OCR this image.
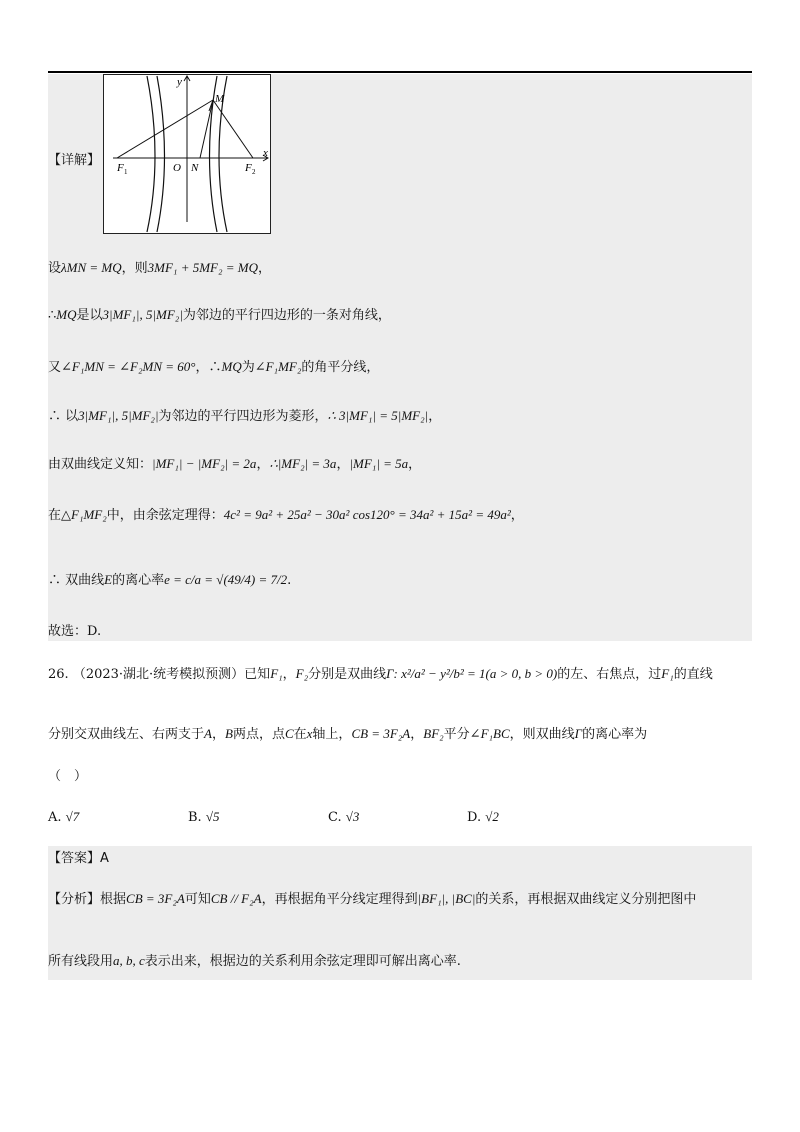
【详解】
设λMN = MQ，则3MF₁ + 5MF₂ = MQ，
∴MQ是以3|MF₁|, 5|MF₂|为邻边的平行四边形的一条对角线，
又∠F₁MN = ∠F₂MN = 60°，∴MQ为∠F₁MF₂的角平分线，
∴ 以3|MF₁|, 5|MF₂|为邻边的平行四边形为菱形，∴ 3|MF₁| = 5|MF₂|，
由双曲线定义知：|MF₁| − |MF₂| = 2a，∴|MF₂| = 3a，|MF₁| = 5a，
在△F₁MF₂中，由余弦定理得：4c² = 9a² + 25a² − 30a² cos120° = 34a² + 15a² = 49a²，
∴ 双曲线E的离心率e = c/a = √(49/4) = 7/2.
故选：D.
y
M
F 1	O N	F 2
x
26. （2023·湖北·统考模拟预测）已知F₁，F₂分别是双曲线Γ: x²/a² − y²/b² = 1(a > 0, b > 0)的左、右焦点，过F₁的直线
分别交双曲线左、右两支于A，B两点，点C在x轴上，CB = 3F₂A，BF₂平分∠F₁BC，则双曲线Γ的离心率为
（　）
A. √7	B. √5	C. √3	D. √2
【答案】A
【分析】根据CB = 3F₂A可知CB // F₂A，再根据角平分线定理得到|BF₁|, |BC|的关系，再根据双曲线定义分别把图中
所有线段用a, b, c表示出来，根据边的关系利用余弦定理即可解出离心率.
